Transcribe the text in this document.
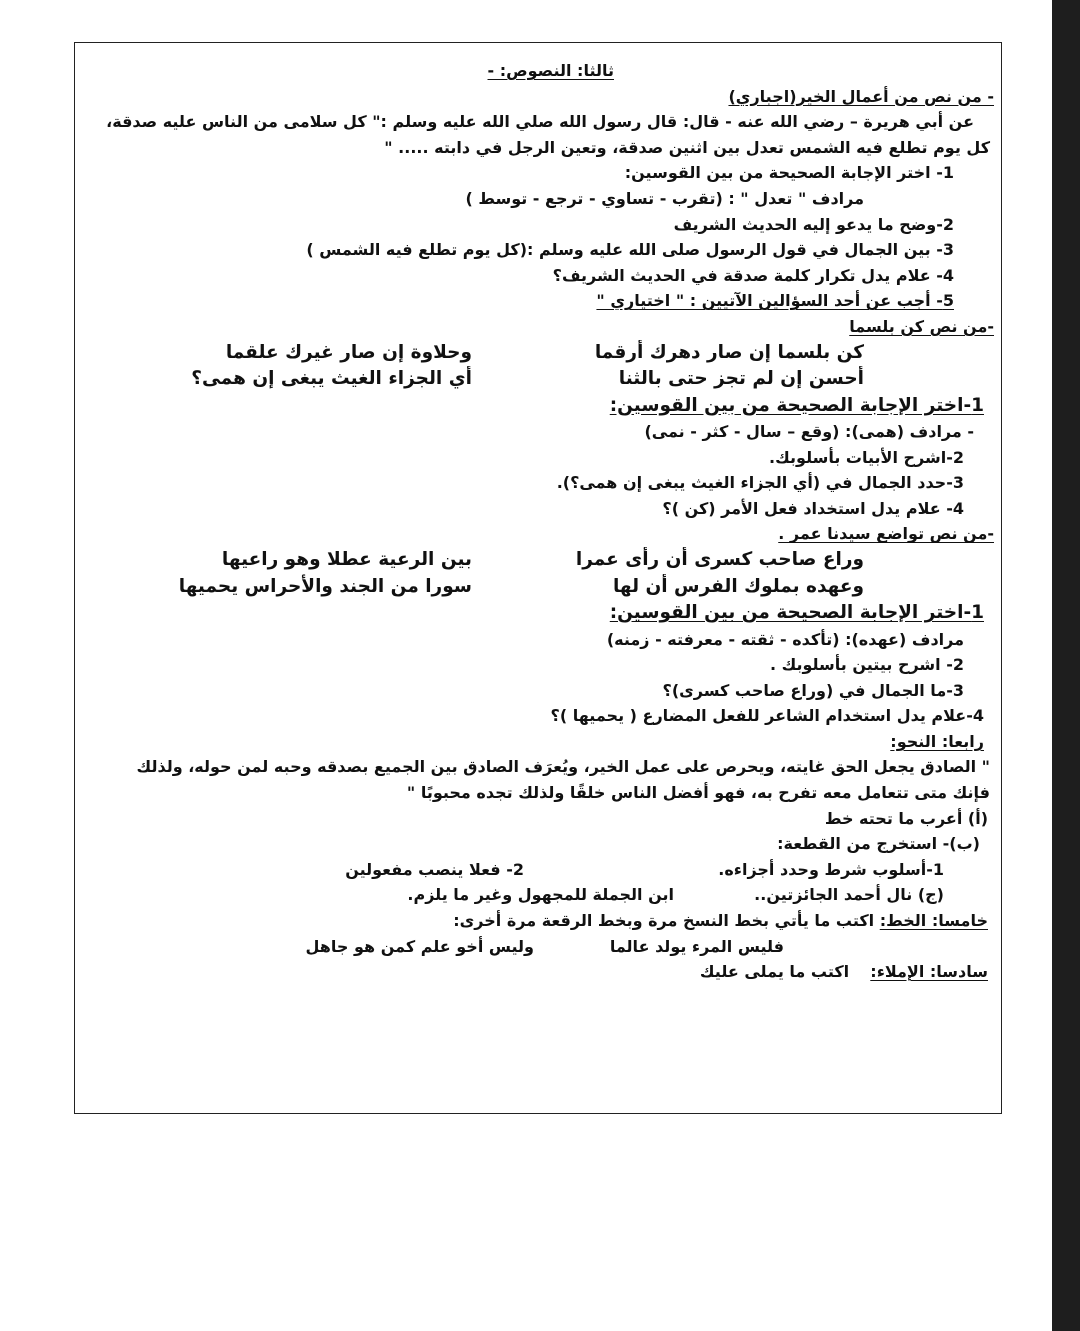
ثالثا: النصوص: -
- من نص من أعمال الخير(اجباري)
عن أبي هريرة – رضي الله عنه - قال: قال رسول الله صلي الله عليه وسلم :" كل سلامى من الناس عليه صدقة،
كل يوم تطلع فيه الشمس تعدل بين اثنين صدقة، وتعين الرجل في دابته ..... "
1- اختر الإجابة الصحيحة من بين القوسين:
مرادف " تعدل " : (تقرب - تساوي - ترجع - توسط )
2-وضح ما يدعو إليه الحديث الشريف
3- بين الجمال في قول الرسول صلى الله عليه وسلم :(كل يوم تطلع فيه الشمس )
4- علام يدل تكرار كلمة صدقة في الحديث الشريف؟
5- أجب عن أحد السؤالين الآتيين : " اختياري "
-من نص كن بلسما
كن بلسما إن صار دهرك أرقما
وحلاوة إن صار غيرك علقما
أحسن إن لم تجز حتى بالثنا
أي الجزاء الغيث يبغى إن همى؟
1-اختر الإجابة الصحيحة من بين القوسين:
- مرادف (همى): (وقع – سال - كثر - نمى)
2-اشرح الأبيات بأسلوبك.
3-حدد الجمال في (أي الجزاء الغيث يبغى إن همى؟).
4- علام يدل استخداد فعل الأمر (كن )؟
-من نص تواضع سيدنا عمر .
وراع صاحب كسرى أن رأى عمرا
بين الرعية عطلا وهو راعيها
وعهده بملوك الفرس أن لها
سورا من الجند والأحراس يحميها
1-اختر الإجابة الصحيحة من بين القوسين:
مرادف (عهده): (تأكده - ثقته - معرفته - زمنه)
2- اشرح بيتين بأسلوبك .
3-ما الجمال في (وراع صاحب كسرى)؟
4-علام يدل استخدام الشاعر للفعل المضارع ( يحميها )؟
رابعا: النحو:
" الصادق يجعل الحق غايته، ويحرص على عمل الخير، ويُعرَف الصادق بين الجميع بصدقه وحبه لمن حوله، ولذلك
فإنك متى تتعامل معه تفرح به، فهو أفضل الناس خلقًا ولذلك تجده محبوبًا "
(أ) أعرب ما تحته خط
(ب)- استخرج من القطعة:
1-أسلوب شرط وحدد أجزاءه.
2- فعلا ينصب مفعولين
(ج) نال أحمد الجائزتين..
ابن الجملة للمجهول وغير ما يلزم.
خامسا: الخط: اكتب ما يأتي بخط النسخ مرة وبخط الرقعة مرة أخرى:
فليس المرء يولد عالما
وليس أخو علم كمن هو جاهل
سادسا: الإملاء:  اكتب ما يملى عليك
